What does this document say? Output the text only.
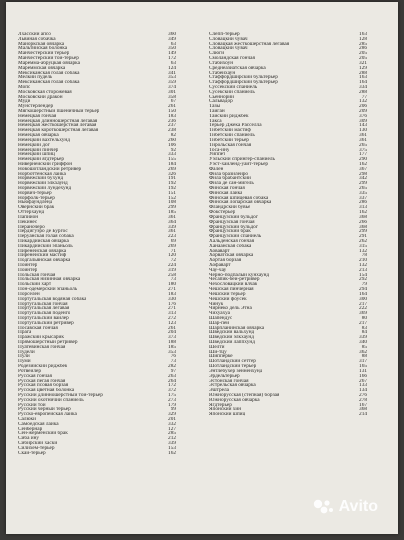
Лхасский апсо	360
Львиная собачка	349
Майоркская овчарка	63
Мальтийская болонка	350
Манчестерский терьер	149
Манчестерский той-терьер	172
Маремма-абруцкая овчарка	63
Мареммская овчарка	124
Мексиканская голая собака	341
Мелкий пудель	353
Мексиканская голая собака	359
Мопс	374
Московская сторожевая	301
Московский дракон	358
Муди	67
Мунстерлендер	261
Мягкошерстный пшеничный терьер	150
Немецкая гончая	183
Немецкая длинношерстная легавая	236
Немецкая жесткошерстная легавая	237
Немецкая короткошерстная легавая	238
Немецкая овчарка	82
Немецкий вахтельхунд	260
Немецкий дог	106
Немецкий пинчер	92
Немецкий шпиц	333
Немецкий ягдтерьер	155
Нивернейский гриффон	184
Новошотландский ретривер	269
Норботтенская лайка	326
Норвежский бухунд	191
Норвежский элкхаунд	192
Норвежский лундехунд	192
Норвич-терьер	151
Норфолк-терьер	152
Ньюфаундленд	108
Овернский брак	299
Оттерхаунд	185
Папийон	361
Пекинес	364
Пераночеро	339
Пердигуэро де Бургос	361
Перуанская голая собака	223
Пикардийская овчарка	69
Пикардийский эпаньоль	269
Пиренейская овчарка	71
Пиренейский мастиф	120
Подгальянская овчарка	72
Пойнтер	224
Пойнтер	319
Польская гончая	258
Польская низинная овчарка	73
Польский харт	180
Пон-одемерский эпаньоль	271
Порселен	183
Португальская водяная собака	330
Португальская гончая	176
Португальская легавая	271
Португальская поденго	313
Португальский вайлер	272
Португальский ретривер	123
Посавская гончая	261
Прага	204
Пражский крысарик	373
Прямошерстный ретривер	188
Пуатевинская гончая	185
Пудели	353
Пули	76
Пуми	73
Родезийский риджбек	282
Ротвейлер	97
Русская гончая	263
Русская пегая гончая	264
Русская псовая борзая	172
Русская цветная болонка	372
Русский длинношерстный той-терьер	175
Русский охотничий спаниель	273
Русский той	179
Русский черный терьер	99
Русско-европейская лайка	329
Салюки	201
Самоедская лайка	332
Сенбернар	127
Сен-жерменский брак	285
Сиба ину	212
Сибирский хаски	339
Силихем-терьер	153
Скай-терьер	162
Слепп-терьер	163
Словацкий чувач	128
Словацкая жесткошерстная легавая	285
Словацкий чувач	286
Слюги	205
Смоландская гончая	205
Стабихоун	321
Среднеазиатская овчарка	129
Стабейхаун	288
Стаффордширский бультерьер	163
Стаффордширский бультерьер	164
Суссекский спаниель	334
Сусекский спаниель	288
Сьеннорий	77
Сальвадор	132
Тазы	206
Тайган	209
Тайский риджбек	376
Такса	309
Терьер Джека Расселла	143
Тибетский мастиф	130
Тибетский спаниель	361
Тибетский терьер	361
Тирольская гончая	265
Тоса-ину	375
Уиппет	177
Уэльский спрингер-спаниель	290
Уэст-хайленд-уайт-терьер	162
Фален	367
Фила бразилейро	298
Фила брабантский	342
Фила де сан-мигель	299
Финская гончая	265
Финская лайка	335
Финская шпицевая собака	337
Финская лопарская овчарка	286
Фландрский бувье	313
Фокстерьер	162
Французский бульдог	368
Французская гончая	266
Французский бульдог	368
Французский брак	299
Французский спаниель	291
Хальденская гончая	262
Ханаанская собака	315
Ховаварт	132
Хорватская овчарка	78
Хортая борзая	210
Хофаварт	132
Чау-чау	213
Черно-подпалый кунхаунд	154
Чесапик-бей-ретривер	292
Чехословацкий влчак	79
Чешская пинчерная	294
Чешский терьер	164
Чешский фоусек	300
Чинук	217
Чирнеко дель Этна	222
Чихуахуа	369
Шапендус	80
Шар-пей	217
Шарпланинская овчарка	83
Шведский вальхунд	84
Шведский элкхаунд	339
Шведский лаппхунд	340
Шелти	85
Ши-тцу	362
Шипперке	88
Шотландский сеттер	317
Шотландский терьер	165
Энтлебухер зенненхунд	131
Эрдельтерьер	166
Эстонская гончая	267
Эстрельская овчарка	133
Эштрела	134
Южнорусская (степная) борзая	276
Южнорусская овчарка	278
Ягдтерьер	167
Японский хин	368
Японский шпиц	214
Avito
